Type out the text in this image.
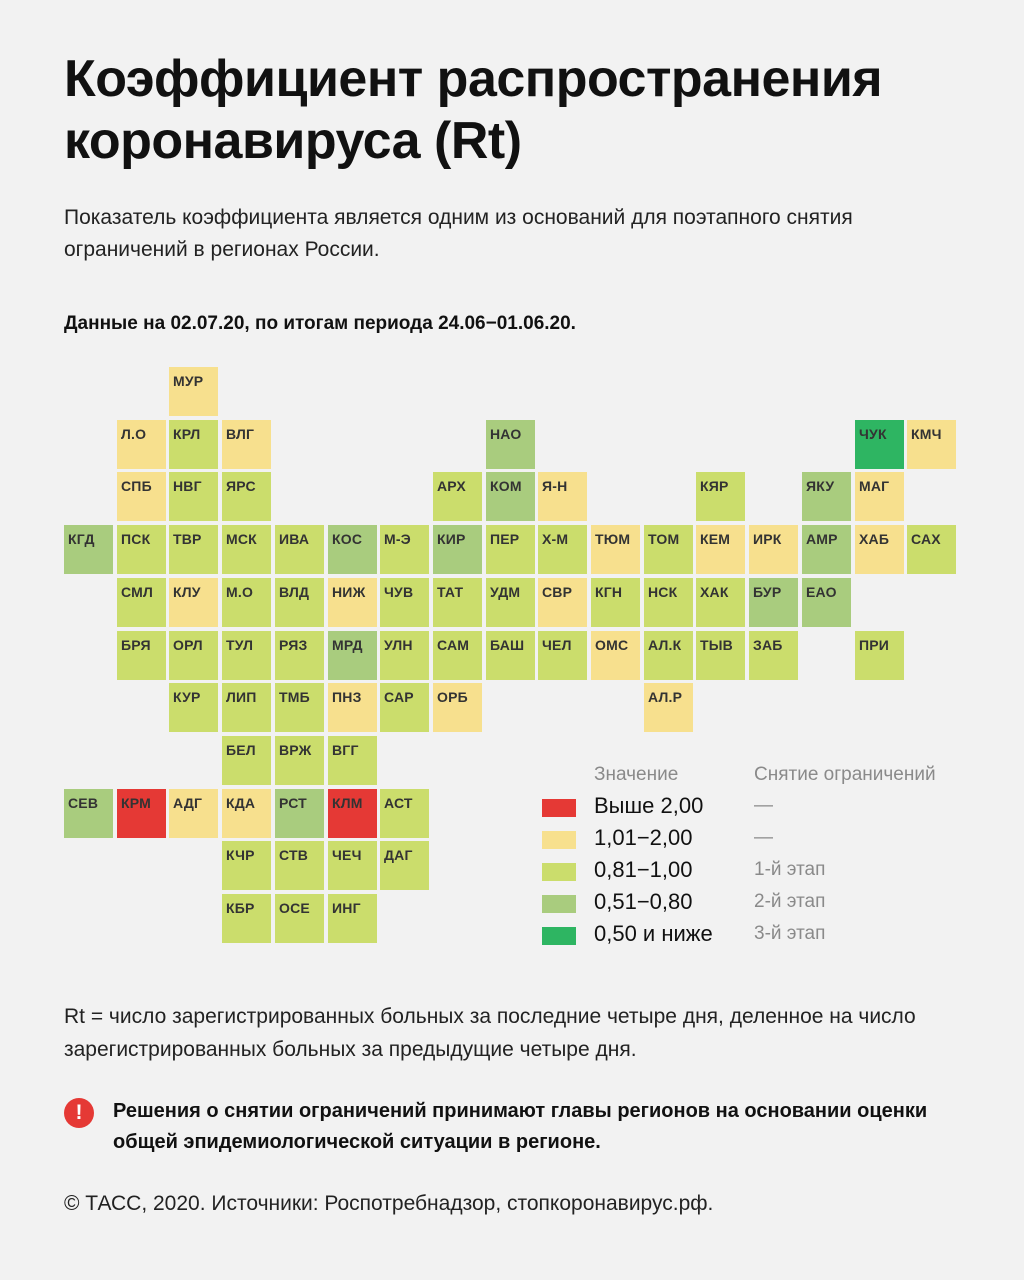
Коэффициент распространения коронавируса (Rt)

Показатель коэффициента является одним из оснований для поэтапного снятия ограничений в регионах России.

Данные на 02.07.20, по итогам периода 24.06−01.06.20.

МУР
Л.О КРЛ ВЛГ	НАО	ЧУК КМЧ
СПБ НВГ ЯРС	АРХ КОМ Я-Н	КЯР	ЯКУ МАГ
КГД ПСК ТВР МСК ИВА КОС М-Э КИР ПЕР Х-М ТЮМ ТОМ КЕМ ИРК АМР ХАБ САХ
СМЛ КЛУ М.О ВЛД НИЖ ЧУВ ТАТ УДМ СВР КГН НСК ХАК БУР ЕАО
БРЯ ОРЛ ТУЛ РЯЗ МРД УЛН САМ БАШ ЧЕЛ ОМС АЛ.К ТЫВ ЗАБ	ПРИ
КУР ЛИП ТМБ ПНЗ САР ОРБ	АЛ.Р
БЕЛ ВРЖ ВГГ
СЕВ КРМ АДГ КДА РСТ КЛМ АСТ
КЧР СТВ ЧЕЧ ДАГ
КБР ОСЕ ИНГ
Значение	Снятие ограничений
Выше 2,00	—
1,01−2,00	—
0,81−1,00	1-й этап
0,51−0,80	2-й этап
0,50 и ниже 3-й этап

Rt = число зарегистрированных больных за последние четыре дня, деленное на число зарегистрированных больных за предыдущие четыре дня.

!	Решения о снятии ограничений принимают главы регионов на основании оценки общей эпидемиологической ситуации в регионе.

© ТАСС, 2020. Источники: Роспотребнадзор, стопкоронавирус.рф.
